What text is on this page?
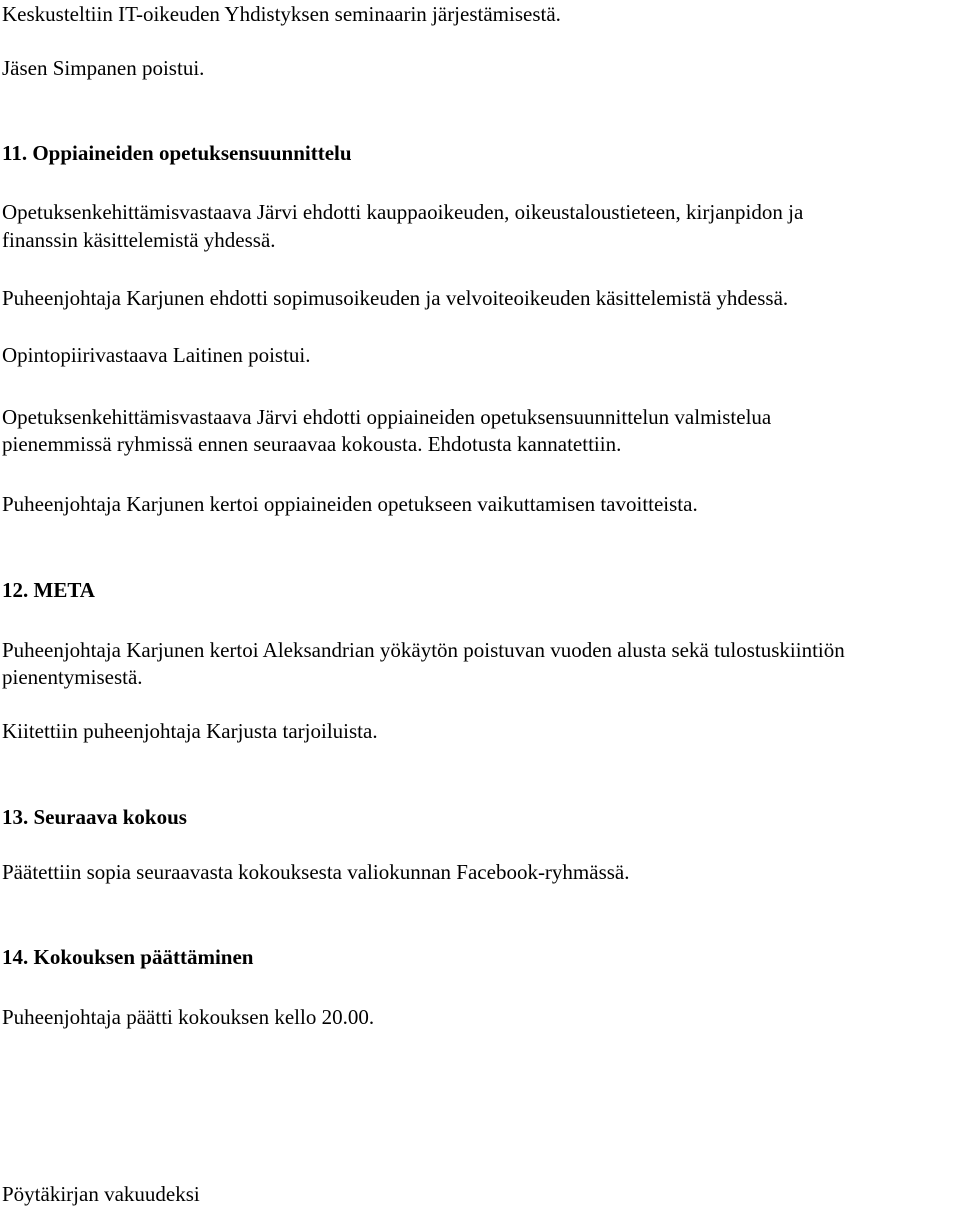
Keskusteltiin IT-oikeuden Yhdistyksen seminaarin järjestämisestä.
Jäsen Simpanen poistui.
11. Oppiaineiden opetuksensuunnittelu
Opetuksenkehittämisvastaava Järvi ehdotti kauppaoikeuden, oikeustaloustieteen, kirjanpidon ja
finanssin käsittelemistä yhdessä.
Puheenjohtaja Karjunen ehdotti sopimusoikeuden ja velvoiteoikeuden käsittelemistä yhdessä.
Opintopiirivastaava Laitinen poistui.
Opetuksenkehittämisvastaava Järvi ehdotti oppiaineiden opetuksensuunnittelun valmistelua
pienemmissä ryhmissä ennen seuraavaa kokousta. Ehdotusta kannatettiin.
Puheenjohtaja Karjunen kertoi oppiaineiden opetukseen vaikuttamisen tavoitteista.
12. META
Puheenjohtaja Karjunen kertoi Aleksandrian yökäytön poistuvan vuoden alusta sekä tulostuskiintiön
pienentymisestä.
Kiitettiin puheenjohtaja Karjusta tarjoiluista.
13. Seuraava kokous
Päätettiin sopia seuraavasta kokouksesta valiokunnan Facebook-ryhmässä.
14. Kokouksen päättäminen
Puheenjohtaja päätti kokouksen kello 20.00.
Pöytäkirjan vakuudeksi
